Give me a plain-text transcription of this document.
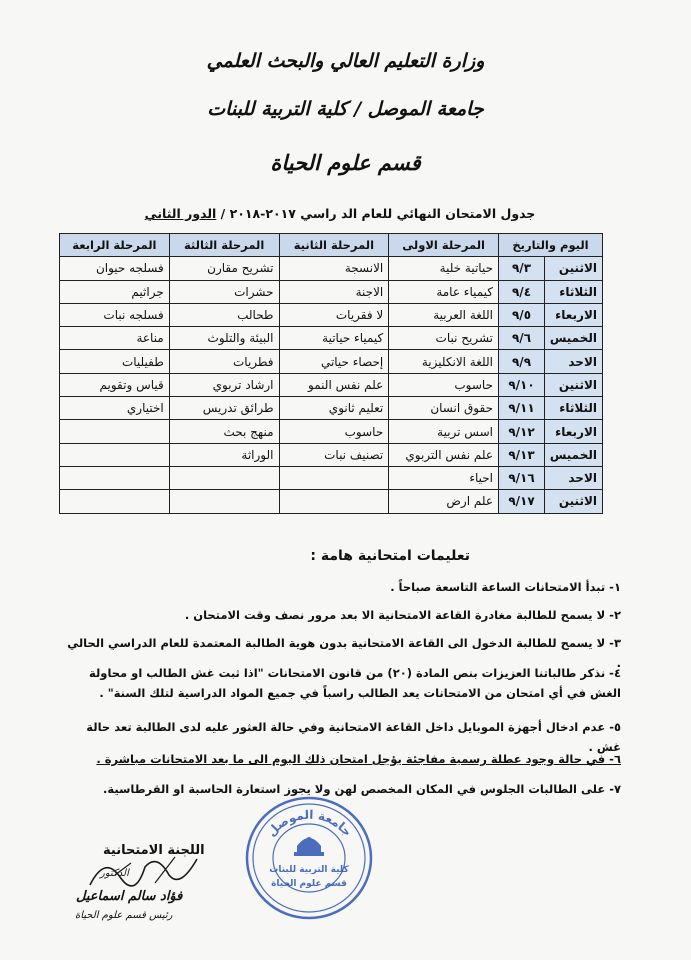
وزارة التعليم العالي والبحث العلمي
جامعة الموصل / كلية التربية للبنات
قسم علوم الحياة
جدول الامتحان النهائي للعام الد راسي ٢٠١٧-٢٠١٨ / الدور الثاني
اليوم والتاريخ		المرحلة الاولى	المرحلة الثانية	المرحلة الثالثة	المرحلة الرابعة
الاثنين	٩/٣	حياتية خلية	الانسجة	تشريح مقارن	فسلجه حيوان
الثلاثاء	٩/٤	كيمياء عامة	الاجنة	حشرات	جراثيم
الاربعاء	٩/٥	اللغة العربية	لا فقريات	طحالب	فسلجه نبات
الخميس	٩/٦	تشريح نبات	كيمياء حياتية	البيئة والتلوث	مناعة
الاحد	٩/٩	اللغة الانكليزية	إحصاء حياتي	فطريات	طفيليات
الاثنين	٩/١٠	حاسوب	علم نفس النمو	ارشاد تربوي	قياس وتقويم
الثلاثاء	٩/١١	حقوق انسان	تعليم ثانوي	طرائق تدريس	اختياري
الاربعاء	٩/١٢	اسس تربية	حاسوب	منهج بحث	
الخميس	٩/١٣	علم نفس التربوي	تصنيف نبات	الوراثة	
الاحد	٩/١٦	احياء			
الاثنين	٩/١٧	علم ارض			
تعليمات امتحانية هامة :
١- تبدأ الامتحانات الساعة التاسعة صباحاً .
٢- لا يسمح للطالبة مغادرة القاعة الامتحانية الا بعد مرور نصف وقت الامتحان .
٣- لا يسمح للطالبة الدخول الى القاعة الامتحانية بدون هوية الطالبة المعتمدة للعام الدراسي الحالي .
٤- نذكر طالباتنا العزيزات بنص المادة (٢٠) من قانون الامتحانات "اذا ثبت غش الطالب او محاولة الغش في أي امتحان من الامتحانات يعد الطالب راسباً في جميع المواد الدراسية لتلك السنة" .
٥- عدم ادخال أجهزة الموبايل داخل القاعة الامتحانية وفي حالة العثور عليه لدى الطالبة تعد حالة غش .
٦- في حالة وجود عطلة رسمية مفاجئة يؤجل امتحان ذلك اليوم الى ما بعد الامتحانات مباشرة .
٧- على الطالبات الجلوس في المكان المخصص لهن ولا يجوز استعارة الحاسبة او القرطاسية.
جامعة الموصل
كلية التربية للبنات
قسم علوم الحياة
اللجنة الامتحانية
الدكتور
فؤاد سالم اسماعيل
رئيس قسم علوم الحياة
